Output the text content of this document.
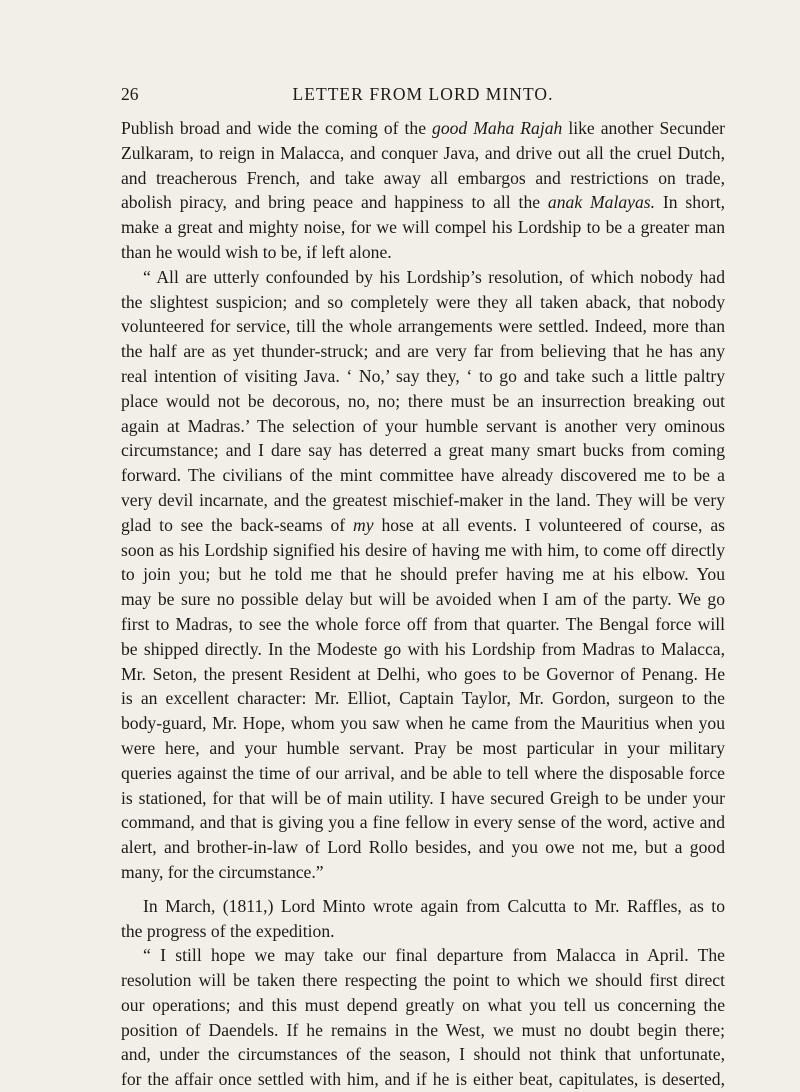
26	LETTER FROM LORD MINTO.
Publish broad and wide the coming of the good Maha Rajah like another Secunder
Zulkaram, to reign in Malacca, and conquer Java, and drive out all the cruel Dutch,
and treacherous French, and take away all embargos and restrictions on trade,
abolish piracy, and bring peace and happiness to all the anak Malayas. In short,
make a great and mighty noise, for we will compel his Lordship to be a greater man
than he would wish to be, if left alone.
“ All are utterly confounded by his Lordship’s resolution, of which nobody had
the slightest suspicion; and so completely were they all taken aback, that nobody
volunteered for service, till the whole arrangements were settled. Indeed, more than
the half are as yet thunder-struck; and are very far from believing that he has any
real intention of visiting Java. ‘ No,’ say they, ‘ to go and take such a little paltry
place would not be decorous, no, no; there must be an insurrection breaking out
again at Madras.’ The selection of your humble servant is another very ominous
circumstance; and I dare say has deterred a great many smart bucks from coming
forward. The civilians of the mint committee have already discovered me to be a
very devil incarnate, and the greatest mischief-maker in the land. They will be very
glad to see the back-seams of my hose at all events. I volunteered of course, as
soon as his Lordship signified his desire of having me with him, to come off directly
to join you; but he told me that he should prefer having me at his elbow. You
may be sure no possible delay but will be avoided when I am of the party. We go
first to Madras, to see the whole force off from that quarter. The Bengal force will
be shipped directly. In the Modeste go with his Lordship from Madras to Malacca,
Mr. Seton, the present Resident at Delhi, who goes to be Governor of Penang. He
is an excellent character: Mr. Elliot, Captain Taylor, Mr. Gordon, surgeon to the
body-guard, Mr. Hope, whom you saw when he came from the Mauritius when you
were here, and your humble servant. Pray be most particular in your military
queries against the time of our arrival, and be able to tell where the disposable force
is stationed, for that will be of main utility. I have secured Greigh to be under your
command, and that is giving you a fine fellow in every sense of the word, active and
alert, and brother-in-law of Lord Rollo besides, and you owe not me, but a good
many, for the circumstance.”
In March, (1811,) Lord Minto wrote again from Calcutta to Mr. Raffles, as to
the progress of the expedition.
“ I still hope we may take our final departure from Malacca in April. The
resolution will be taken there respecting the point to which we should first direct
our operations; and this must depend greatly on what you tell us concerning the
position of Daendels. If he remains in the West, we must no doubt begin there;
and, under the circumstances of the season, I should not think that unfortunate,
for the affair once settled with him, and if he is either beat, capitulates, is deserted,
